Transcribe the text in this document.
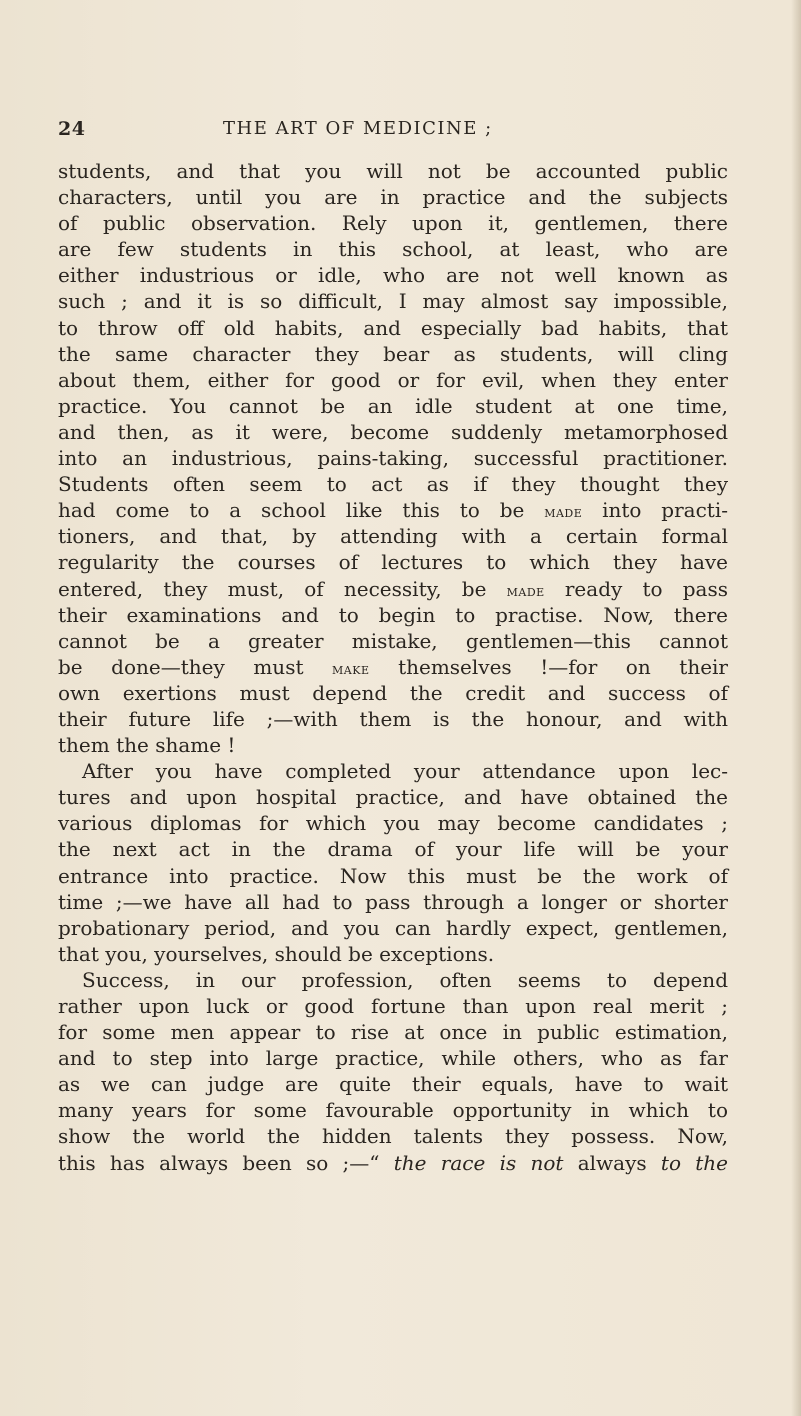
24	THE ART OF MEDICINE ;
students, and that you will not be accounted public
characters, until you are in practice and the subjects
of public observation. Rely upon it, gentlemen, there
are few students in this school, at least, who are
either industrious or idle, who are not well known as
such ; and it is so difficult, I may almost say impossible,
to throw off old habits, and especially bad habits, that
the same character they bear as students, will cling
about them, either for good or for evil, when they enter
practice. You cannot be an idle student at one time,
and then, as it were, become suddenly metamorphosed
into an industrious, pains-taking, successful practitioner.
Students often seem to act as if they thought they
had come to a school like this to be made into practi-
tioners, and that, by attending with a certain formal
regularity the courses of lectures to which they have
entered, they must, of necessity, be made ready to pass
their examinations and to begin to practise. Now, there
cannot be a greater mistake, gentlemen—this cannot
be done—they must make themselves !—for on their
own exertions must depend the credit and success of
their future life ;—with them is the honour, and with
them the shame !
After you have completed your attendance upon lec-
tures and upon hospital practice, and have obtained the
various diplomas for which you may become candidates ;
the next act in the drama of your life will be your
entrance into practice. Now this must be the work of
time ;—we have all had to pass through a longer or shorter
probationary period, and you can hardly expect, gentlemen,
that you, yourselves, should be exceptions.
Success, in our profession, often seems to depend
rather upon luck or good fortune than upon real merit ;
for some men appear to rise at once in public estimation,
and to step into large practice, while others, who as far
as we can judge are quite their equals, have to wait
many years for some favourable opportunity in which to
show the world the hidden talents they possess. Now,
this has always been so ;—“ the race is not always to the
